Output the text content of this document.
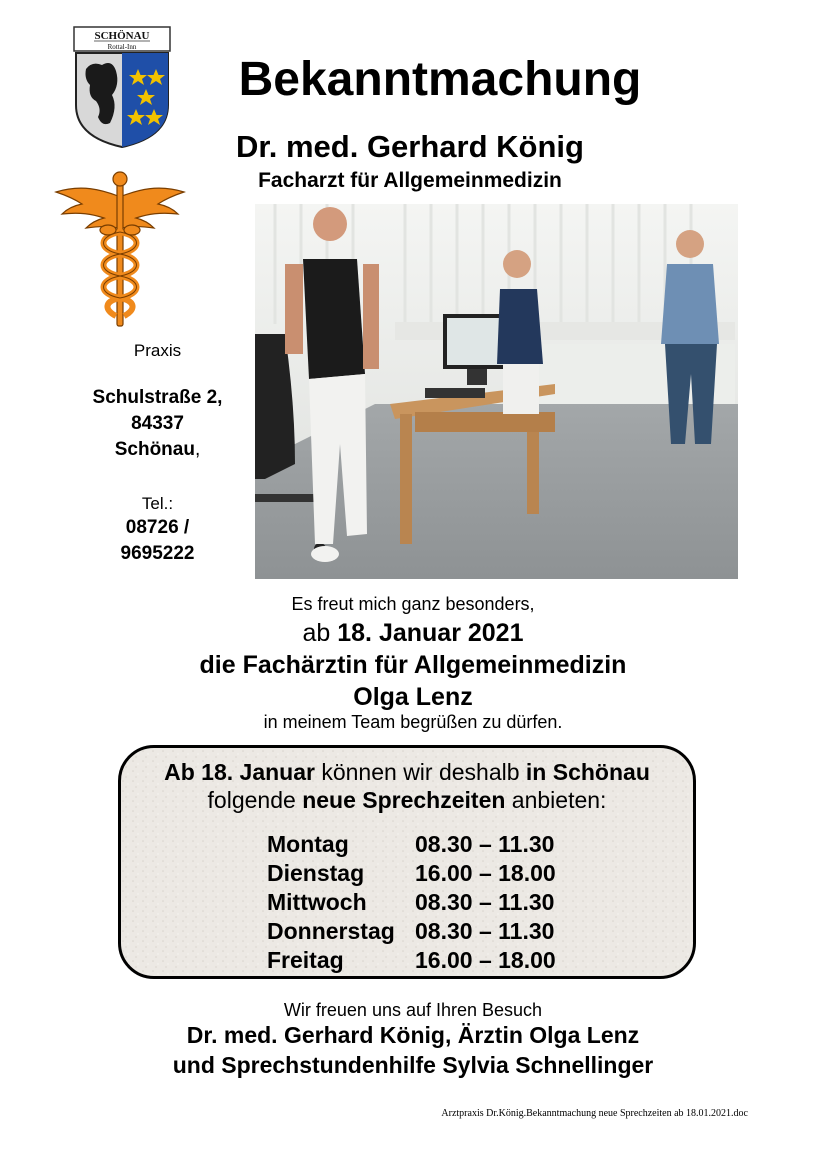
SCHÖNAU
Rottal-Inn
Bekanntmachung
Dr. med. Gerhard König
Facharzt für Allgemeinmedizin
Praxis
Schulstraße 2,
84337
Schönau,
Tel.:
08726 /
9695222
Es freut mich ganz besonders,
ab 18. Januar 2021
die Fachärztin für Allgemeinmedizin
Olga Lenz
in meinem Team begrüßen zu dürfen.
Ab 18. Januar können wir deshalb in Schönau
folgende neue Sprechzeiten anbieten:
Montag	08.30 – 11.30
Dienstag	16.00 – 18.00
Mittwoch	08.30 – 11.30
Donnerstag 08.30 – 11.30
Freitag	16.00 – 18.00
Wir freuen uns auf Ihren Besuch
Dr. med. Gerhard König, Ärztin Olga Lenz
und Sprechstundenhilfe Sylvia Schnellinger
Arztpraxis Dr.König.Bekanntmachung neue Sprechzeiten ab 18.01.2021.doc
